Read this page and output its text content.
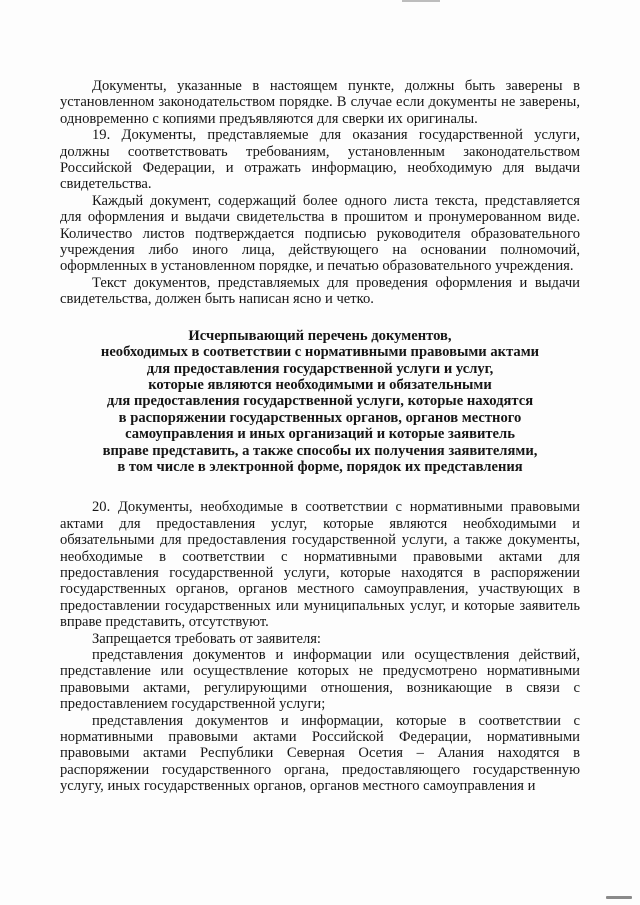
Документы, указанные в настоящем пункте, должны быть заверены в установленном законодательством порядке. В случае если документы не заверены, одновременно с копиями предъявляются для сверки их оригиналы.

19. Документы, представляемые для оказания государственной услуги, должны соответствовать требованиям, установленным законодательством Российской Федерации, и отражать информацию, необходимую для выдачи свидетельства.

Каждый документ, содержащий более одного листа текста, представляется для оформления и выдачи свидетельства в прошитом и пронумерованном виде. Количество листов подтверждается подписью руководителя образовательного учреждения либо иного лица, действующего на основании полномочий, оформленных в установленном порядке, и печатью образовательного учреждения.

Текст документов, представляемых для проведения оформления и выдачи свидетельства, должен быть написан ясно и четко.

Исчерпывающий перечень документов,
необходимых в соответствии с нормативными правовыми актами
для предоставления государственной услуги и услуг,
которые являются необходимыми и обязательными
для предоставления государственной услуги, которые находятся
в распоряжении государственных органов, органов местного
самоуправления и иных организаций и которые заявитель
вправе представить, а также способы их получения заявителями,
в том числе в электронной форме, порядок их представления

20. Документы, необходимые в соответствии с нормативными правовыми актами для предоставления услуг, которые являются необходимыми и обязательными для предоставления государственной услуги, а также документы, необходимые в соответствии с нормативными правовыми актами для предоставления государственной услуги, которые находятся в распоряжении государственных органов, органов местного самоуправления, участвующих в предоставлении государственных или муниципальных услуг, и которые заявитель вправе представить, отсутствуют.

Запрещается требовать от заявителя:

представления документов и информации или осуществления действий, представление или осуществление которых не предусмотрено нормативными правовыми актами, регулирующими отношения, возникающие в связи с предоставлением государственной услуги;

представления документов и информации, которые в соответствии с нормативными правовыми актами Российской Федерации, нормативными правовыми актами Республики Северная Осетия – Алания находятся в распоряжении государственного органа, предоставляющего государственную услугу, иных государственных органов, органов местного самоуправления и
